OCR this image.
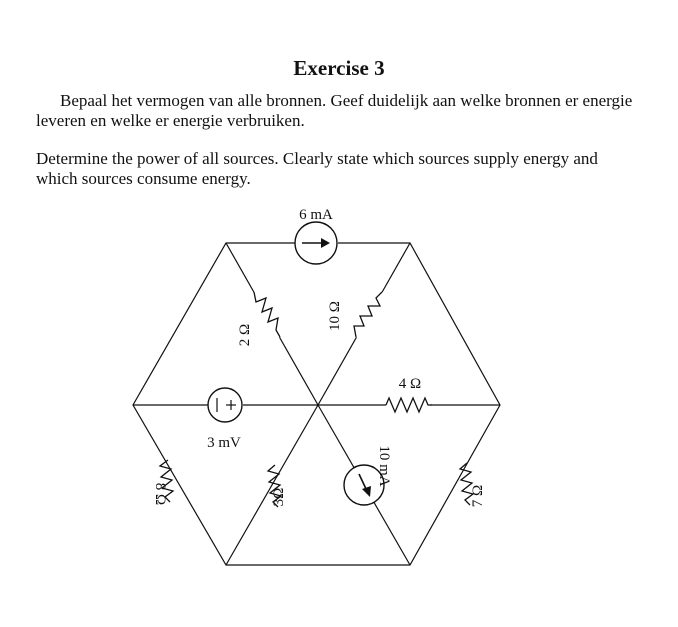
Exercise 3
Bepaal het vermogen van alle bronnen. Geef duidelijk aan welke bronnen er energie leveren en welke er energie verbruiken.
Determine the power of all sources. Clearly state which sources supply energy and which sources consume energy.
6 mA
3 mV
4 Ω
2 Ω
10 Ω
10 mA
8 Ω	3Ω	7 Ω
